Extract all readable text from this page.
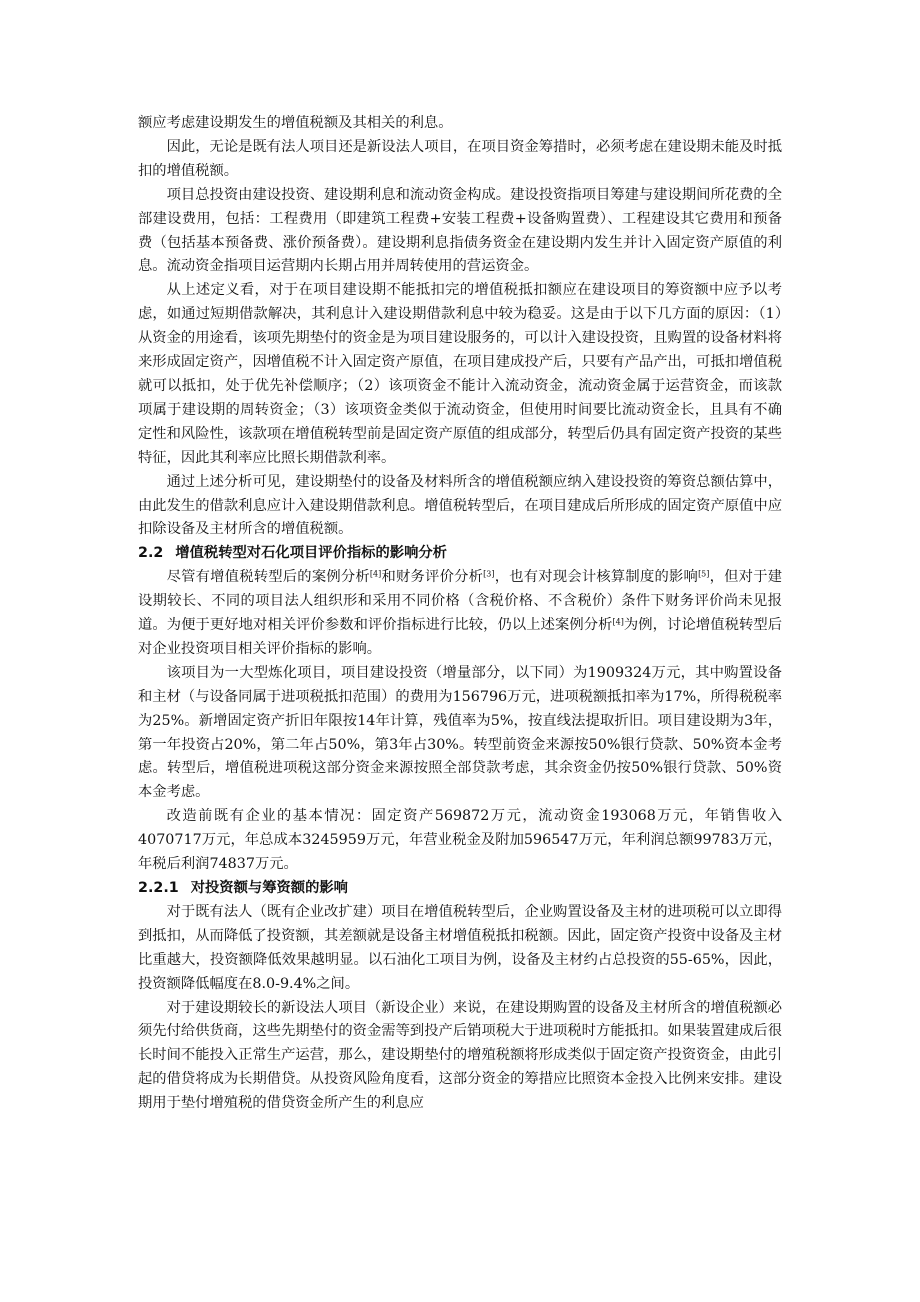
额应考虑建设期发生的增值税额及其相关的利息。

因此，无论是既有法人项目还是新设法人项目，在项目资金筹措时，必须考虑在建设期未能及时抵扣的增值税额。

项目总投资由建设投资、建设期利息和流动资金构成。建设投资指项目筹建与建设期间所花费的全部建设费用，包括：工程费用（即建筑工程费+安装工程费+设备购置费）、工程建设其它费用和预备费（包括基本预备费、涨价预备费）。建设期利息指债务资金在建设期内发生并计入固定资产原值的利息。流动资金指项目运营期内长期占用并周转使用的营运资金。

从上述定义看，对于在项目建设期不能抵扣完的增值税抵扣额应在建设项目的筹资额中应予以考虑，如通过短期借款解决，其利息计入建设期借款利息中较为稳妥。这是由于以下几方面的原因：（1）从资金的用途看，该项先期垫付的资金是为项目建设服务的，可以计入建设投资，且购置的设备材料将来形成固定资产，因增值税不计入固定资产原值，在项目建成投产后，只要有产品产出，可抵扣增值税就可以抵扣，处于优先补偿顺序；（2）该项资金不能计入流动资金，流动资金属于运营资金，而该款项属于建设期的周转资金；（3）该项资金类似于流动资金，但使用时间要比流动资金长，且具有不确定性和风险性，该款项在增值税转型前是固定资产原值的组成部分，转型后仍具有固定资产投资的某些特征，因此其利率应比照长期借款利率。

通过上述分析可见，建设期垫付的设备及材料所含的增值税额应纳入建设投资的筹资总额估算中，由此发生的借款利息应计入建设期借款利息。增值税转型后，在项目建成后所形成的固定资产原值中应扣除设备及主材所含的增值税额。

2.2 增值税转型对石化项目评价指标的影响分析

尽管有增值税转型后的案例分析[4]和财务评价分析[3]，也有对现会计核算制度的影响[5]，但对于建设期较长、不同的项目法人组织形和采用不同价格（含税价格、不含税价）条件下财务评价尚未见报道。为便于更好地对相关评价参数和评价指标进行比较，仍以上述案例分析[4]为例，讨论增值税转型后对企业投资项目相关评价指标的影响。

该项目为一大型炼化项目，项目建设投资（增量部分，以下同）为1909324万元，其中购置设备和主材（与设备同属于进项税抵扣范围）的费用为156796万元，进项税额抵扣率为17%，所得税税率为25%。新增固定资产折旧年限按14年计算，残值率为5%，按直线法提取折旧。项目建设期为3年，第一年投资占20%，第二年占50%，第3年占30%。转型前资金来源按50%银行贷款、50%资本金考虑。转型后，增值税进项税这部分资金来源按照全部贷款考虑，其余资金仍按50%银行贷款、50%资本金考虑。

改造前既有企业的基本情况：固定资产569872万元，流动资金193068万元，年销售收入4070717万元，年总成本3245959万元，年营业税金及附加596547万元，年利润总额99783万元，年税后利润74837万元。

2.2.1 对投资额与筹资额的影响

对于既有法人（既有企业改扩建）项目在增值税转型后，企业购置设备及主材的进项税可以立即得到抵扣，从而降低了投资额，其差额就是设备主材增值税抵扣税额。因此，固定资产投资中设备及主材比重越大，投资额降低效果越明显。以石油化工项目为例，设备及主材约占总投资的55-65%，因此，投资额降低幅度在8.0-9.4%之间。

对于建设期较长的新设法人项目（新设企业）来说，在建设期购置的设备及主材所含的增值税额必须先付给供货商，这些先期垫付的资金需等到投产后销项税大于进项税时方能抵扣。如果装置建成后很长时间不能投入正常生产运营，那么，建设期垫付的增殖税额将形成类似于固定资产投资资金，由此引起的借贷将成为长期借贷。从投资风险角度看，这部分资金的筹措应比照资本金投入比例来安排。建设期用于垫付增殖税的借贷资金所产生的利息应
